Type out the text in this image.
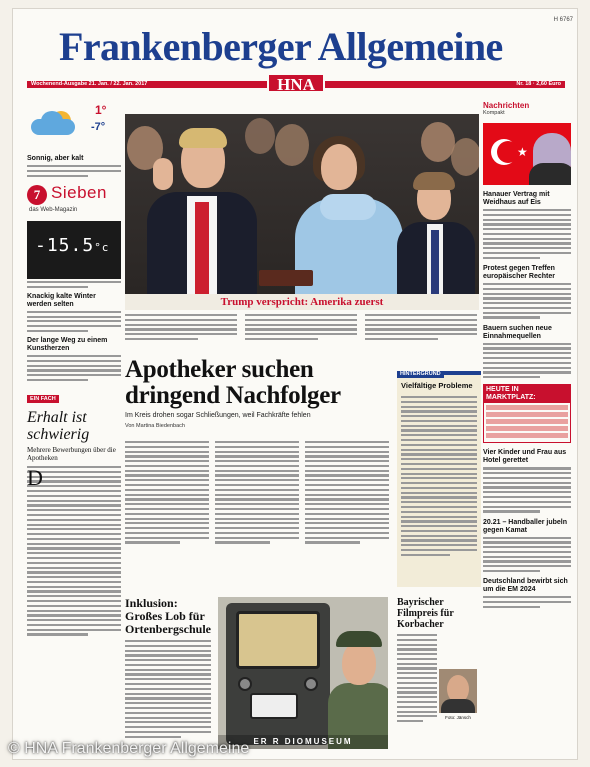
H 6767
Frankenberger Allgemeine
Wochenend-Ausgabe 21. Jan. / 22. Jan. 2017	Nr. 18 · 2,60 Euro
HNA
1°
-7°
Sonnig, aber kalt
7 Sieben
das Web-Magazin
-15.5°c
Knackig kalte Winter werden selten
Der lange Weg zu einem Kunstherzen
EIN FACH
Erhalt ist schwierig
Mehrere Bewerbungen über die Apotheken
D
Trump verspricht: Amerika zuerst
Nachrichten
Kompakt
★
Hanauer Vertrag mit Weidhaus auf Eis
Protest gegen Treffen europäischer Rechter
Bauern suchen neue Einnahmequellen
HEUTE IN MARKTPLATZ:
Vier Kinder und Frau aus Hotel gerettet
20.21 – Handballer jubeln gegen Kamat
Deutschland bewirbt sich um die EM 2024
Apotheker suchen dringend Nachfolger
Im Kreis drohen sogar Schließungen, weil Fachkräfte fehlen
Von Martina Biedenbach
HINTERGRUND
Vielfältige Probleme
Inklusion: Großes Lob für Ortenbergschule
ER R DIOMUSEUM
Bayrischer Filmpreis für Korbacher
Foto: Jänsch
© HNA Frankenberger Allgemeine
